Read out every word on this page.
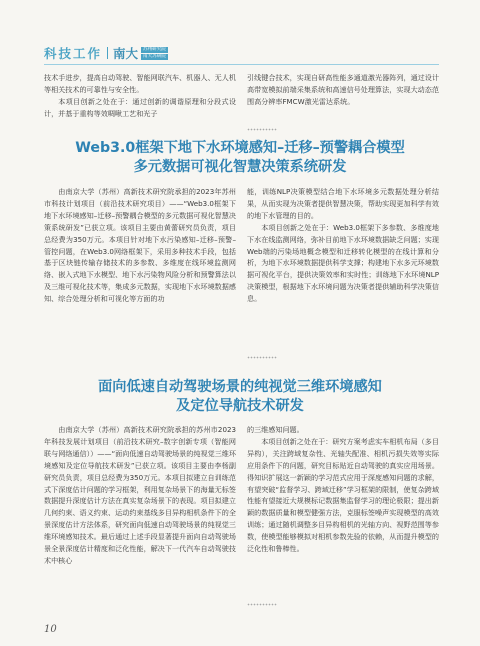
科技工作 南大	苏州研究院
南大苏研院

技术手进步，提高自动驾驶、智能网联汽车、机器人、无人机等相关技术的可靠性与安全性。

本项目创新之处在于：通过创新的调谐原理和分段式设计，并基于重构等效啁啾工艺和光子

引线键合技术，实现自研高性能多通道激光器阵列，通过设计高带宽模拟前端采集系统和高速信号处理算法，实现大动态范围高分辨率FMCW激光雷达系统。

Web3.0框架下地下水环境感知–迁移–预警耦合模型
多元数据可视化智慧决策系统研发

由南京大学（苏州）高新技术研究院承担的2023年苏州市科技计划项目（前沿技术研究项目）——“Web3.0框架下地下水环境感知–迁移–预警耦合模型的多元数据可视化智慧决策系统研发”已获立项。该项目主要由黄蕾研究员负责，项目总经费为350万元。本项目针对地下水污染感知–迁移–预警–管控问题，在Web3.0网络框架下，采用多种技术手段，包括基于区块链传输存储技术的多参数、多维度在线环境监测网络、嵌入式地下水模型、地下水污染物风险分析和预警算法以及三维可视化技术等，集成多元数据，实现地下水环境数据感知、综合处理分析和可视化等方面的功

能，训练NLP决策模型结合地下水环境多元数据处理分析结果，从而实现为决策者提供智慧决策，帮助实现更加科学有效的地下水管理的目的。

本项目创新之处在于：Web3.0框架下多参数、多维度地下水在线监测网络，弥补目前地下水环境数据缺乏问题；实现Web端的污染场地概念模型和迁移转化模型的在线计算和分析，为地下水环境数据提供科学支撑；构建地下水多元环境数据可视化平台，提供决策效率和实时性；训练地下水环境NLP决策模型，根据地下水环境问题为决策者提供辅助科学决策信息。

面向低速自动驾驶场景的纯视觉三维环境感知
及定位导航技术研发

由南京大学（苏州）高新技术研究院承担的苏州市2023年科技发展计划项目（前沿技术研究–数字创新专项（智能网联与网络通信））——“面向低速自动驾驶场景的纯视觉三维环境感知及定位导航技术研发”已获立项。该项目主要由李杨副研究员负责，项目总经费为350万元。本项目拟建立自训练范式下深度估计问题的学习框架，利用复杂场景下的海量无标签数据提升深度估计方法在真实复杂场景下的表现。项目拟建立几何约束、语义约束、运动约束基线多目异构相机条件下的全景深度估计方法体系，研究面向低速自动驾驶场景的纯视觉三维环境感知技术。最后通过上述手段显著提升面向自动驾驶场景全景深度估计精度和泛化性能，解决下一代汽车自动驾驶技术中核心

的三维感知问题。

本项目创新之处在于：研究方案考虑实车相机布局（多目异构），关注跨域复杂性、光轴失配准、相机污损失效等实际应用条件下的问题，研究目标贴近自动驾驶的真实应用场景。得知识扩展这一新颖的学习范式应用于深度感知问题的求解，有望突破“监督学习、跨域迁移”学习框架的限制，使复杂跨域性能有望接近大规模标记数据集监督学习的理论极限；提出新颖的数据质量和模型健强方法，克服标签噪声实现模型的高效训练；通过随机调整多目异构相机的光轴方向、视野范围等参数，使模型能够模拟对相机参数先验的依赖，从而提升模型的泛化性和鲁棒性。

10
